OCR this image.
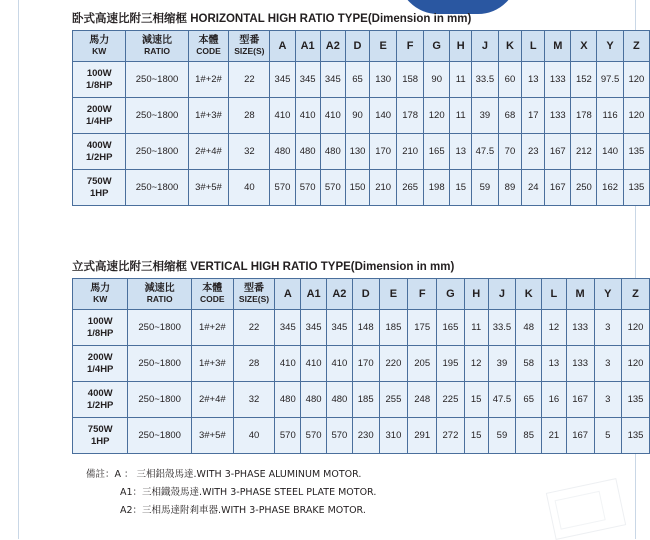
卧式高速比附三相缩框 HORIZONTAL HIGH RATIO TYPE(Dimension in mm)
馬力
KW	減速比
RATIO	本體
CODE	型番
SIZE(S)	A	A1	A2	D	E	F	G	H	J	K	L	M	X	Y	Z

100W
1/8HP	250~1800	1#+2#	22	345	345	345	65	130	158	90	11	33.5	60	13	133	152	97.5	120

200W
1/4HP	250~1800	1#+3#	28	410	410	410	90	140	178	120	11	39	68	17	133	178	116	120

400W
1/2HP	250~1800	2#+4#	32	480	480	480	130	170	210	165	13	47.5	70	23	167	212	140	135

750W
1HP	250~1800	3#+5#	40	570	570	570	150	210	265	198	15	59	89	24	167	250	162	135
立式高速比附三相缩框 VERTICAL HIGH RATIO TYPE(Dimension in mm)
馬力
KW	減速比
RATIO	本體
CODE	型番
SIZE(S)	A	A1	A2	D	E	F	G	H	J	K	L	M	Y	Z

100W
1/8HP	250~1800	1#+2#	22	345	345	345	148	185	175	165	11	33.5	48	12	133	3	120

200W
1/4HP	250~1800	1#+3#	28	410	410	410	170	220	205	195	12	39	58	13	133	3	120

400W
1/2HP	250~1800	2#+4#	32	480	480	480	185	255	248	225	15	47.5	65	16	167	3	135

750W
1HP	250~1800	3#+5#	40	570	570	570	230	310	291	272	15	59	85	21	167	5	135
備註：A ： 三相鋁殼馬達.WITH 3-PHASE ALUMINUM MOTOR.
A1：三相鐵殼馬達.WITH 3-PHASE STEEL PLATE MOTOR.
A2：三相馬達附剎車器.WITH 3-PHASE BRAKE MOTOR.
